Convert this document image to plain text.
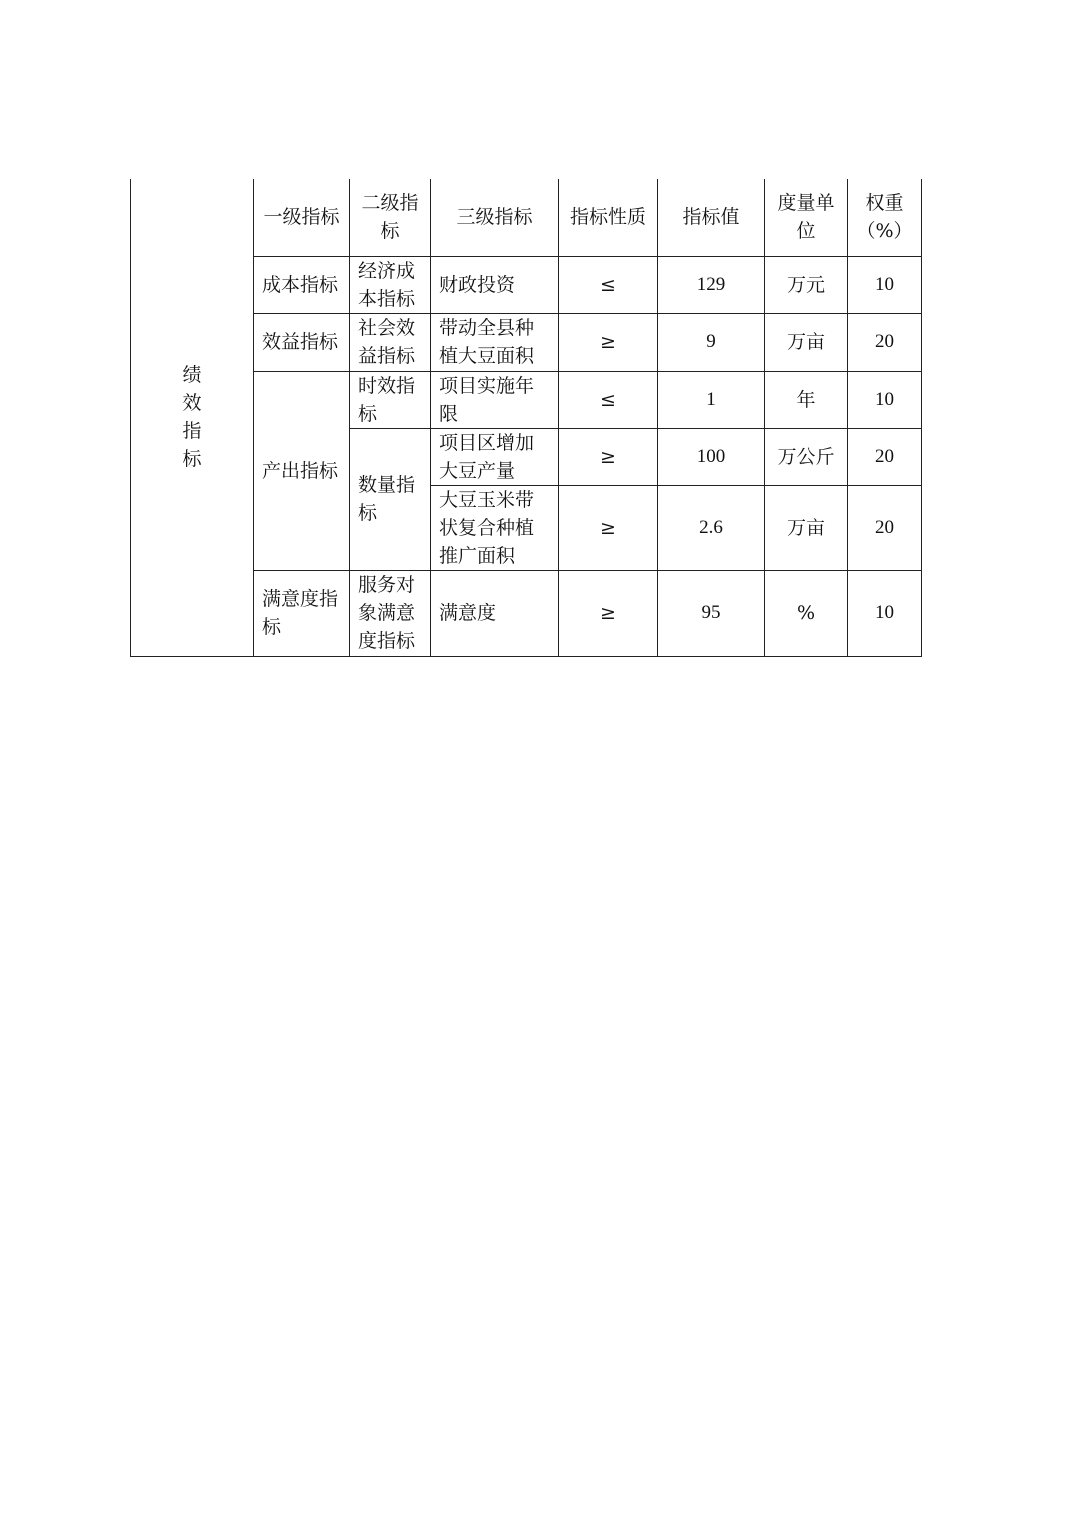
绩效指标	一级指标	二级指标	三级指标	指标性质	指标值	度量单位	权重（%）
	成本指标	经济成本指标	财政投资	≤	129	万元	10
	效益指标	社会效益指标	带动全县种植大豆面积	≥	9	万亩	20
	产出指标	时效指标	项目实施年限	≤	1	年	10
		数量指标	项目区增加大豆产量	≥	100	万公斤	20
			大豆玉米带状复合种植推广面积	≥	2.6	万亩	20
	满意度指标	服务对象满意度指标	满意度	≥	95	%	10
